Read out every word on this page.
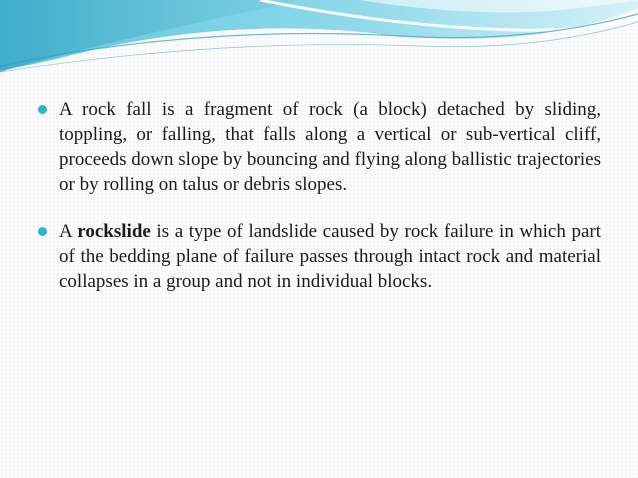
A rock fall is a fragment of rock (a block) detached by sliding, toppling, or falling, that falls along a vertical or sub-vertical cliff, proceeds down slope by bouncing and flying along ballistic trajectories or by rolling on talus or debris slopes.
A rockslide is a type of landslide caused by rock failure in which part of the bedding plane of failure passes through intact rock and material collapses in a group and not in individual blocks.
